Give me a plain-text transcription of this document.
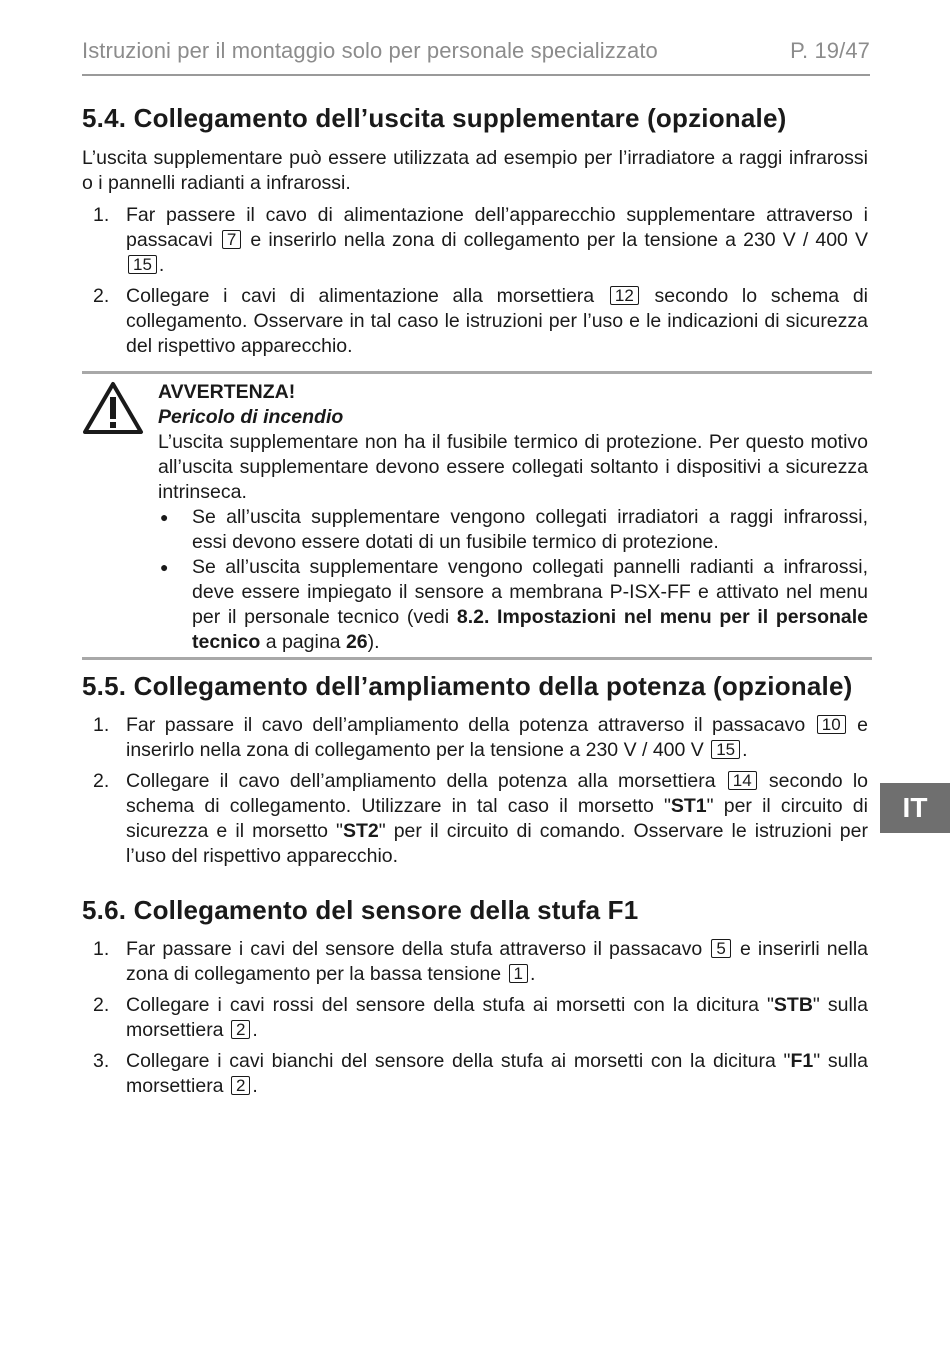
Istruzioni per il montaggio solo per personale specializzato	P. 19/47
5.4. Collegamento dell’uscita supplementare (opzionale)
L’uscita supplementare può essere utilizzata ad esempio per l’irradiatore a raggi infrarossi o i pannelli radianti a infrarossi.
1. Far passere il cavo di alimentazione dell’apparecchio supplementare attraverso i passacavi 7 e inserirlo nella zona di collegamento per la tensione a 230 V / 400 V 15 .
2. Collegare i cavi di alimentazione alla morsettiera 12 secondo lo schema di collegamento. Osservare in tal caso le istruzioni per l’uso e le indicazioni di sicurezza del rispettivo apparecchio.
AVVERTENZA!
Pericolo di incendio
L’uscita supplementare non ha il fusibile termico di protezione. Per questo motivo all’uscita supplementare devono essere collegati soltanto i dispositivi a sicurezza intrinseca.
●	Se all’uscita supplementare vengono collegati irradiatori a raggi infrarossi, essi devono essere dotati di un fusibile termico di protezione.
●	Se all’uscita supplementare vengono collegati pannelli radianti a infrarossi, deve essere impiegato il sensore a membrana P-ISX-FF e attivato nel menu per il personale tecnico (vedi 8.2. Impostazioni nel menu per il personale tecnico a pagina 26).
5.5. Collegamento dell’ampliamento della potenza (opzionale)
1. Far passare il cavo dell’ampliamento della potenza attraverso il passacavo 10 e inserirlo nella zona di collegamento per la tensione a 230 V / 400 V 15 .
2. Collegare il cavo dell’ampliamento della potenza alla morsettiera 14 secondo lo schema di collegamento. Utilizzare in tal caso il morsetto "ST1" per il circuito di sicurezza e il morsetto "ST2" per il circuito di comando. Osservare le istruzioni per l’uso del rispettivo apparecchio.
IT
5.6. Collegamento del sensore della stufa F1
1. Far passare i cavi del sensore della stufa attraverso il passacavo 5 e inserirli nella zona di collegamento per la bassa tensione 1 .
2. Collegare i cavi rossi del sensore della stufa ai morsetti con la dicitura "STB" sulla morsettiera 2 .
3. Collegare i cavi bianchi del sensore della stufa ai morsetti con la dicitura "F1" sulla morsettiera 2 .
